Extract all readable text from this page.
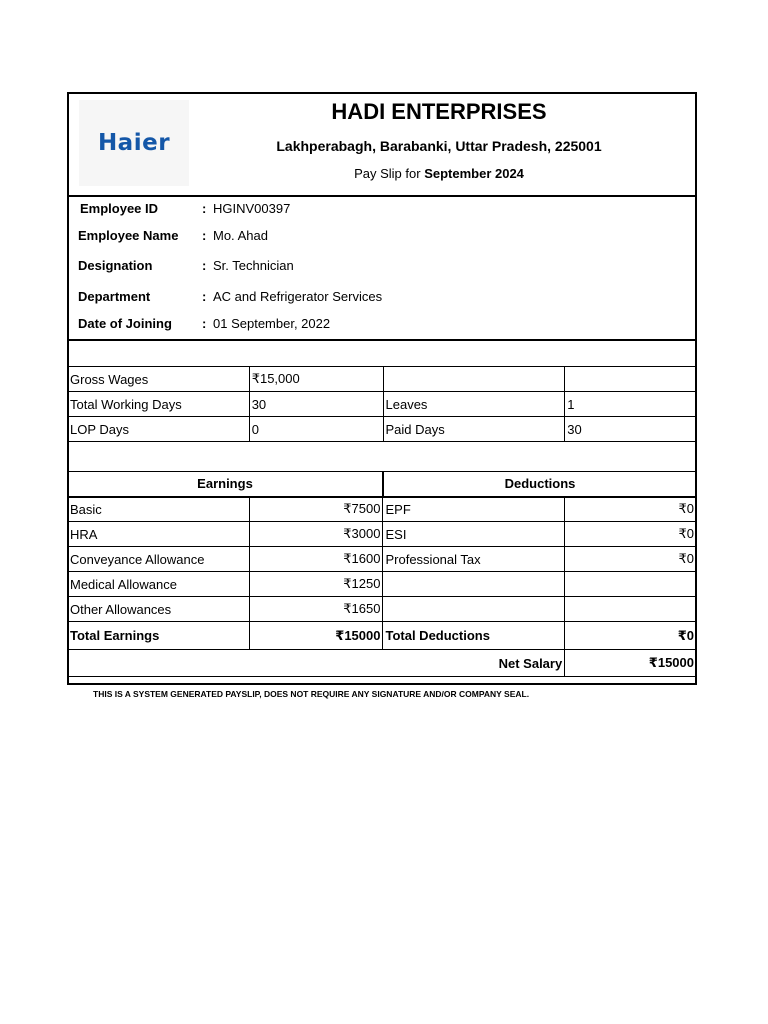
Haier
HADI ENTERPRISES
Lakhperabagh, Barabanki, Uttar Pradesh, 225001
Pay Slip for September 2024
Employee ID	: HGINV00397
Employee Name	: Mo. Ahad
Designation	: Sr. Technician
Department	: AC and Refrigerator Services
Date of Joining	: 01 September, 2022
Gross Wages	₹15,000		
Total Working Days	30	Leaves	1
LOP Days	0	Paid Days	30
Earnings		Deductions	
Basic	₹7500	EPF	₹0
HRA	₹3000	ESI	₹0
Conveyance Allowance	₹1600	Professional Tax	₹0
Medical Allowance	₹1250		
Other Allowances	₹1650		
Total Earnings	₹15000	Total Deductions	₹0
Net Salary			₹15000
THIS IS A SYSTEM GENERATED PAYSLIP, DOES NOT REQUIRE ANY SIGNATURE AND/OR COMPANY SEAL.
